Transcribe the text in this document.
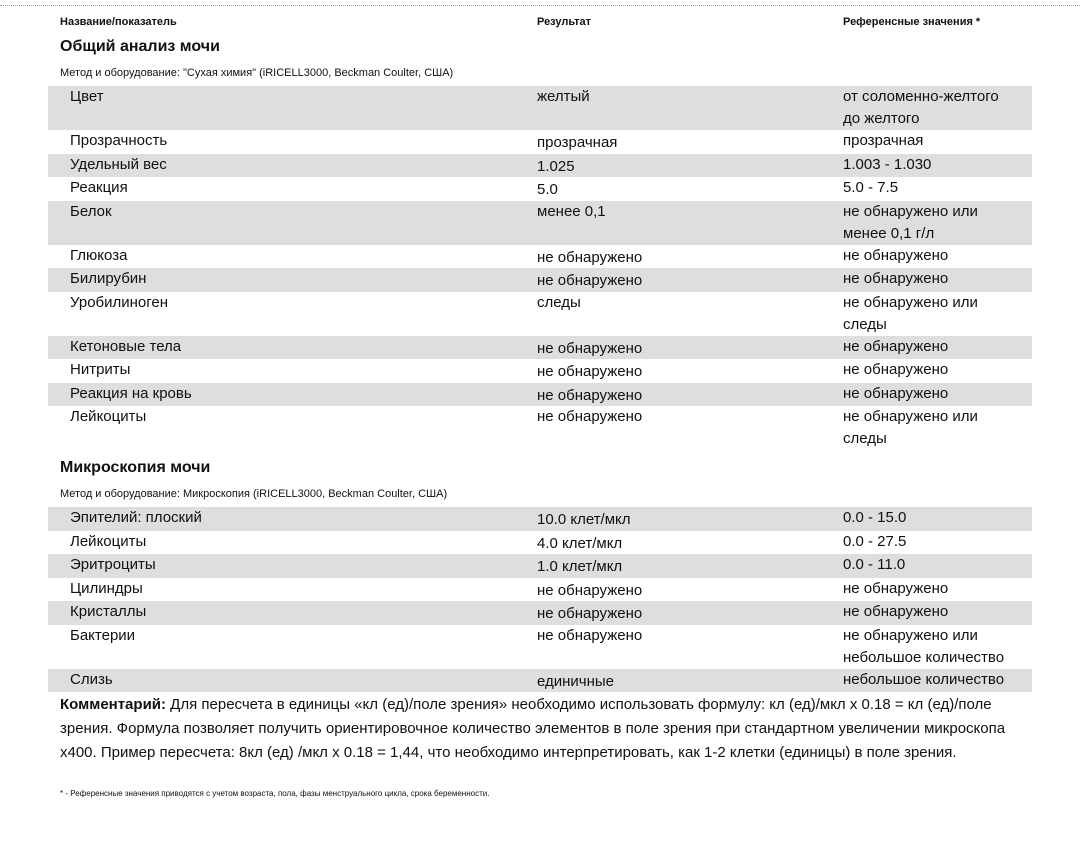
Название/показатель	Результат	Референсные значения *
Общий анализ мочи
Метод и оборудование: "Сухая химия" (iRICELL3000, Beckman Coulter, США)
Цвет	желтый	от соломенно-желтого
до желтого
Прозрачность	прозрачная	прозрачная
Удельный вес	1.025	1.003 - 1.030
Реакция	5.0	5.0 - 7.5
Белок	менее 0,1	не обнаружено или
менее 0,1 г/л
Глюкоза	не обнаружено	не обнаружено
Билирубин	не обнаружено	не обнаружено
Уробилиноген	следы	не обнаружено или
следы
Кетоновые тела	не обнаружено	не обнаружено
Нитриты	не обнаружено	не обнаружено
Реакция на кровь	не обнаружено	не обнаружено
Лейкоциты	не обнаружено	не обнаружено или
следы
Микроскопия мочи
Метод и оборудование: Микроскопия (iRICELL3000, Beckman Coulter, США)
Эпителий: плоский	10.0 клет/мкл	0.0 - 15.0
Лейкоциты	4.0 клет/мкл	0.0 - 27.5
Эритроциты	1.0 клет/мкл	0.0 - 11.0
Цилиндры	не обнаружено	не обнаружено
Кристаллы	не обнаружено	не обнаружено
Бактерии	не обнаружено	не обнаружено или
небольшое количество
Слизь	единичные	небольшое количество
Комментарий: Для пересчета в единицы «кл (ед)/поле зрения» необходимо использовать формулу: кл (ед)/мкл х 0.18 = кл (ед)/поле зрения. Формула позволяет получить ориентировочное количество элементов в поле зрения при стандартном увеличении микроскопа х400. Пример пересчета: 8кл (ед) /мкл х 0.18 = 1,44, что необходимо интерпретировать, как 1-2 клетки (единицы) в поле зрения.
* - Референсные значения приводятся с учетом возраста, пола, фазы менструального цикла, срока беременности.
